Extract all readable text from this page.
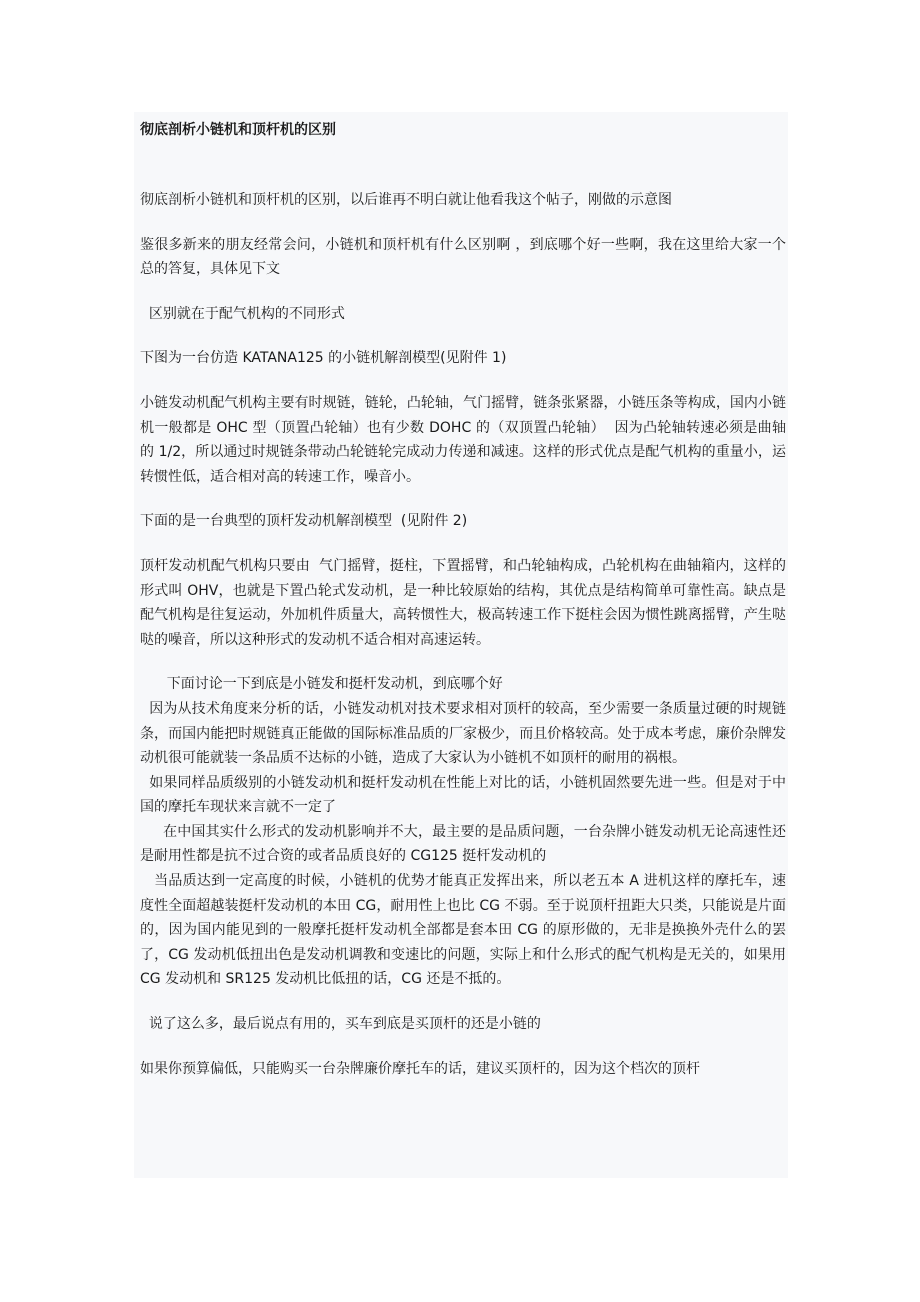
彻底剖析小链机和顶杆机的区别

彻底剖析小链机和顶杆机的区别，以后谁再不明白就让他看我这个帖子，刚做的示意图

鉴很多新来的朋友经常会问，小链机和顶杆机有什么区别啊 ，到底哪个好一些啊，我在这里给大家一个总的答复，具体见下文

区别就在于配气机构的不同形式

下图为一台仿造 KATANA125 的小链机解剖模型(见附件 1)

小链发动机配气机构主要有时规链，链轮，凸轮轴，气门摇臂，链条张紧器，小链压条等构成，国内小链机一般都是 OHC 型（顶置凸轮轴）也有少数 DOHC 的（双顶置凸轮轴）  因为凸轮轴转速必须是曲轴的 1/2，所以通过时规链条带动凸轮链轮完成动力传递和减速。这样的形式优点是配气机构的重量小，运转惯性低，适合相对高的转速工作，噪音小。

下面的是一台典型的顶杆发动机解剖模型  (见附件 2)

顶杆发动机配气机构只要由  气门摇臂，挺柱，下置摇臂，和凸轮轴构成，凸轮机构在曲轴箱内，这样的形式叫 OHV，也就是下置凸轮式发动机，是一种比较原始的结构，其优点是结构简单可靠性高。缺点是配气机构是往复运动，外加机件质量大，高转惯性大，极高转速工作下挺柱会因为惯性跳离摇臂，产生哒哒的噪音，所以这种形式的发动机不适合相对高速运转。

下面讨论一下到底是小链发和挺杆发动机，到底哪个好

因为从技术角度来分析的话，小链发动机对技术要求相对顶杆的较高，至少需要一条质量过硬的时规链条，而国内能把时规链真正能做的国际标准品质的厂家极少，而且价格较高。处于成本考虑，廉价杂牌发动机很可能就装一条品质不达标的小链，造成了大家认为小链机不如顶杆的耐用的祸根。

如果同样品质级别的小链发动机和挺杆发动机在性能上对比的话，小链机固然要先进一些。但是对于中国的摩托车现状来言就不一定了

在中国其实什么形式的发动机影响并不大，最主要的是品质问题，一台杂牌小链发动机无论高速性还是耐用性都是抗不过合资的或者品质良好的 CG125 挺杆发动机的

当品质达到一定高度的时候，小链机的优势才能真正发挥出来，所以老五本 A 进机这样的摩托车，速度性全面超越装挺杆发动机的本田 CG，耐用性上也比 CG 不弱。至于说顶杆扭距大只类，只能说是片面的，因为国内能见到的一般摩托挺杆发动机全部都是套本田 CG 的原形做的，无非是换换外壳什么的罢了，CG 发动机低扭出色是发动机调教和变速比的问题，实际上和什么形式的配气机构是无关的，如果用 CG 发动机和 SR125 发动机比低扭的话，CG 还是不抵的。

说了这么多，最后说点有用的，买车到底是买顶杆的还是小链的

如果你预算偏低，只能购买一台杂牌廉价摩托车的话，建议买顶杆的，因为这个档次的顶杆
